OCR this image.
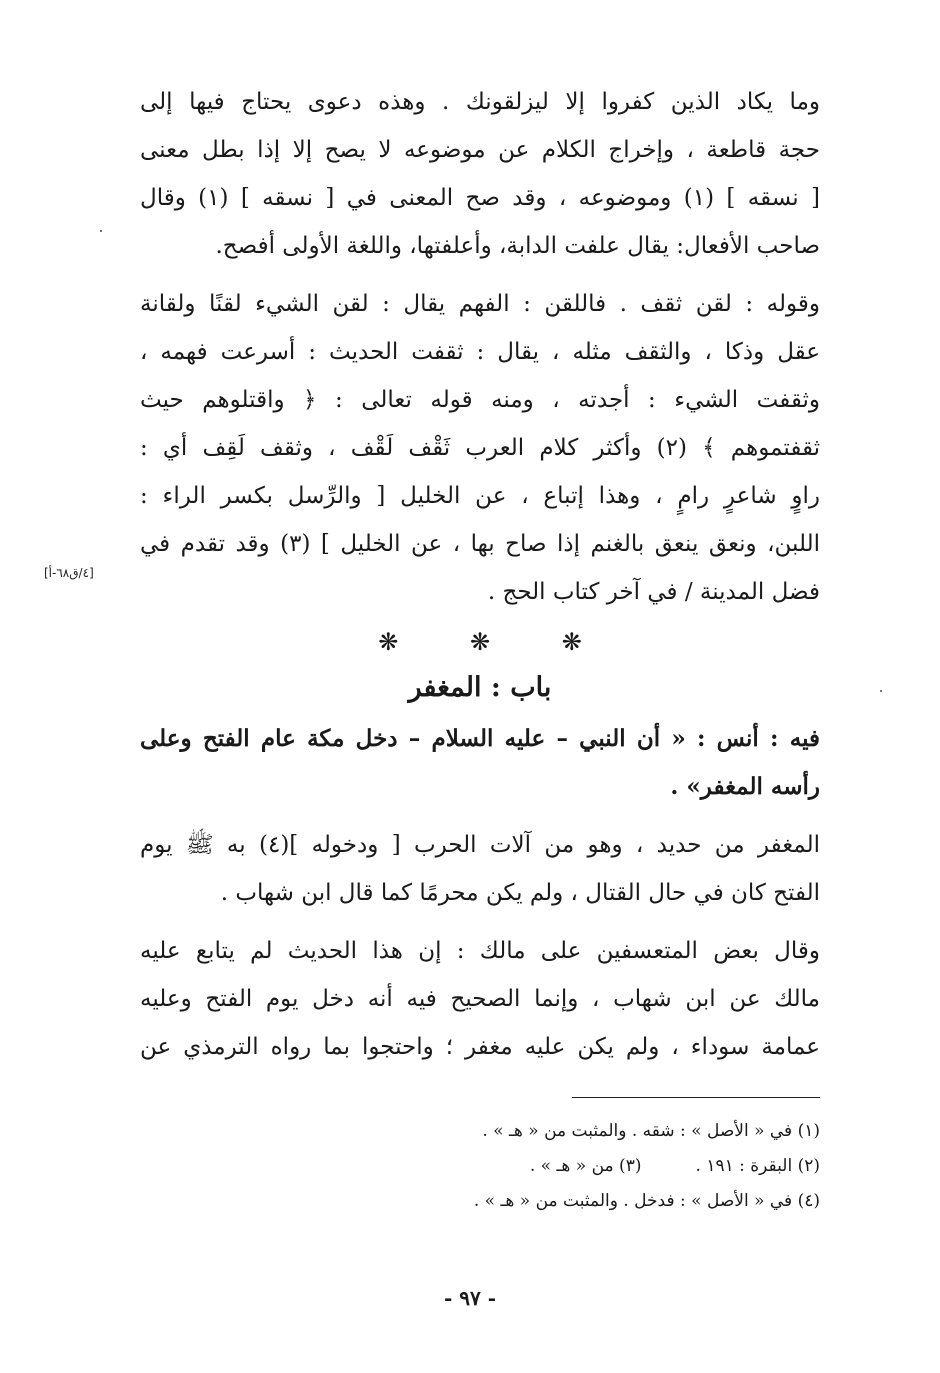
وما يكاد الذين كفروا إلا ليزلقونك . وهذه دعوى يحتاج فيها إلى
حجة قاطعة ، وإخراج الكلام عن موضوعه لا يصح إلا إذا بطل معنى
[ نسقه ] (١) وموضوعه ، وقد صح المعنى في [ نسقه ] (١) وقال
صاحب الأفعال: يقال علفت الدابة، وأعلفتها، واللغة الأولى أفصح.
وقوله : لقن ثقف . فاللقن : الفهم يقال : لقن الشيء لقنًا ولقانة
عقل وذكا ، والثقف مثله ، يقال : ثقفت الحديث : أسرعت فهمه ،
وثقفت الشيء : أجدته ، ومنه قوله تعالى : ﴿ واقتلوهم حيث
ثقفتموهم ﴾ (٢) وأكثر كلام العرب ثَقْف لَقْف ، وثقف لَقِف أي :
راوٍ شاعرٍ رامٍ ، وهذا إتباع ، عن الخليل [ والرِّسل بكسر الراء :
اللبن، ونعق ينعق بالغنم إذا صاح بها ، عن الخليل ] (٣) وقد تقدم في
فضل المدينة / في آخر كتاب الحج .
❋	❋	❋
باب : المغفر
فيه : أنس : « أن النبي – عليه السلام – دخل مكة عام الفتح وعلى
رأسه المغفر» .
المغفر من حديد ، وهو من آلات الحرب [ ودخوله ](٤) به ﷺ يوم
الفتح كان في حال القتال ، ولم يكن محرمًا كما قال ابن شهاب .
وقال بعض المتعسفين على مالك : إن هذا الحديث لم يتابع عليه
مالك عن ابن شهاب ، وإنما الصحيح فيه أنه دخل يوم الفتح وعليه
عمامة سوداء ، ولم يكن عليه مغفر ؛ واحتجوا بما رواه الترمذي عن
[٤/ق٦٨-أ]
(١) في « الأصل » : شقه . والمثبت من « هـ » .
(٢) البقرة : ١٩١ .          (٣) من « هـ » .
(٤) في « الأصل » : فدخل . والمثبت من « هـ » .
- ٩٧ -
